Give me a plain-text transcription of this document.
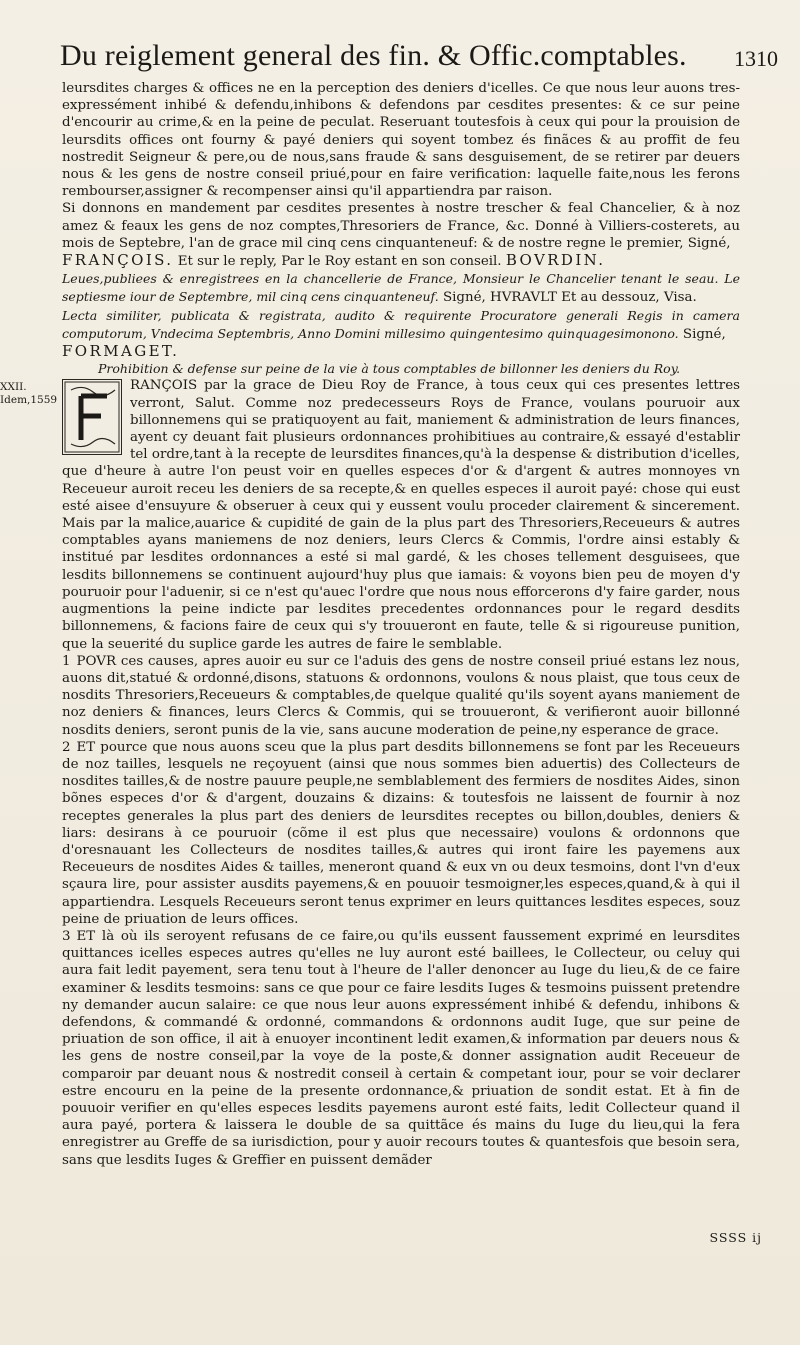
Du reiglement general des fin. & Offic.comptables. 1310

leursdites charges & offices ne en la perception des deniers d'icelles. Ce que nous leur auons tres-expressément inhibé & defendu,inhibons & defendons par cesdites presentes: & ce sur peine d'encourir au crime,& en la peine de peculat. Reseruant toutesfois à ceux qui pour la prouision de leursdits offices ont fourny & payé deniers qui soyent tombez és finãces & au proffit de feu nostredit Seigneur & pere,ou de nous,sans fraude & sans desguisement, de se retirer par deuers nous & les gens de nostre conseil priué,pour en faire verification: laquelle faite,nous les ferons rembourser,assigner & recompenser ainsi qu'il appartiendra par raison.

Si donnons en mandement par cesdites presentes à nostre trescher & feal Chancelier, & à noz amez & feaux les gens de noz comptes,Thresoriers de France, &c. Donné à Villiers-costerets, au mois de Septebre, l'an de grace mil cinq cens cinquanteneuf: & de nostre regne le premier, Signé,

FRANÇOIS. Et sur le reply, Par le Roy estant en son conseil. BOVRDIN.

Leues,publiees & enregistrees en la chancellerie de France, Monsieur le Chancelier tenant le seau. Le septiesme iour de Septembre, mil cinq cens cinquanteneuf. Signé, HVRAVLT Et au dessouz, Visa.

Lecta similiter, publicata & registrata, audito & requirente Procuratore generali Regis in camera computorum, Vndecima Septembris, Anno Domini millesimo quingentesimo quinquagesimonono. Signé,

FORMAGET.

Prohibition & defense sur peine de la vie à tous comptables de billonner les deniers du Roy.

XXII.
Idem,1559

RANÇOIS par la grace de Dieu Roy de France, à tous ceux qui ces presentes lettres verront, Salut. Comme noz predecesseurs Roys de France, voulans pouruoir aux billonnemens qui se pratiquoyent au fait, maniement & administration de leurs finances, ayent cy deuant fait plusieurs ordonnances prohibitiues au contraire,& essayé d'establir tel ordre,tant à la recepte de leursdites finances,qu'à la despense & distribution d'icelles, que d'heure à autre l'on peust voir en quelles especes d'or & d'argent & autres monnoyes vn Receueur auroit receu les deniers de sa recepte,& en quelles especes il auroit payé: chose qui eust esté aisee d'ensuyure & obseruer à ceux qui y eussent voulu proceder clairement & sincerement. Mais par la malice,auarice & cupidité de gain de la plus part des Thresoriers,Receueurs & autres comptables ayans maniemens de noz deniers, leurs Clercs & Commis, l'ordre ainsi estably & institué par lesdites ordonnances a esté si mal gardé, & les choses tellement desguisees, que lesdits billonnemens se continuent aujourd'huy plus que iamais: & voyons bien peu de moyen d'y pouruoir pour l'aduenir, si ce n'est qu'auec l'ordre que nous nous efforcerons d'y faire garder, nous augmentions la peine indicte par lesdites precedentes ordonnances pour le regard desdits billonnemens, & facions faire de ceux qui s'y trouueront en faute, telle & si rigoureuse punition, que la seuerité du suplice garde les autres de faire le semblable.

1 POVR ces causes, apres auoir eu sur ce l'aduis des gens de nostre conseil priué estans lez nous, auons dit,statué & ordonné,disons, statuons & ordonnons, voulons & nous plaist, que tous ceux de nosdits Thresoriers,Receueurs & comptables,de quelque qualité qu'ils soyent ayans maniement de noz deniers & finances, leurs Clercs & Commis, qui se trouueront, & verifieront auoir billonné nosdits deniers, seront punis de la vie, sans aucune moderation de peine,ny esperance de grace.

2 ET pource que nous auons sceu que la plus part desdits billonnemens se font par les Receueurs de noz tailles, lesquels ne reçoyuent (ainsi que nous sommes bien aduertis) des Collecteurs de nosdites tailles,& de nostre pauure peuple,ne semblablement des fermiers de nosdites Aides, sinon bõnes especes d'or & d'argent, douzains & dizains: & toutesfois ne laissent de fournir à noz receptes generales la plus part des deniers de leursdites receptes ou billon,doubles, deniers & liars: desirans à ce pouruoir (cõme il est plus que necessaire) voulons & ordonnons que d'oresnauant les Collecteurs de nosdites tailles,& autres qui iront faire les payemens aux Receueurs de nosdites Aides & tailles, meneront quand & eux vn ou deux tesmoins, dont l'vn d'eux sçaura lire, pour assister ausdits payemens,& en pouuoir tesmoigner,les especes,quand,& à qui il appartiendra. Lesquels Receueurs seront tenus exprimer en leurs quittances lesdites especes, souz peine de priuation de leurs offices.

3 ET là où ils seroyent refusans de ce faire,ou qu'ils eussent faussement exprimé en leursdites quittances icelles especes autres qu'elles ne luy auront esté baillees, le Collecteur, ou celuy qui aura fait ledit payement, sera tenu tout à l'heure de l'aller denoncer au Iuge du lieu,& de ce faire examiner & lesdits tesmoins: sans ce que pour ce faire lesdits Iuges & tesmoins puissent pretendre ny demander aucun salaire: ce que nous leur auons expressément inhibé & defendu, inhibons & defendons, & commandé & ordonné, commandons & ordonnons audit Iuge, que sur peine de priuation de son office, il ait à enuoyer incontinent ledit examen,& information par deuers nous & les gens de nostre conseil,par la voye de la poste,& donner assignation audit Receueur de comparoir par deuant nous & nostredit conseil à certain & competant iour, pour se voir declarer estre encouru en la peine de la presente ordonnance,& priuation de sondit estat. Et à fin de pouuoir verifier en qu'elles especes lesdits payemens auront esté faits, ledit Collecteur quand il aura payé, portera & laissera le double de sa quittãce és mains du Iuge du lieu,qui la fera enregistrer au Greffe de sa iurisdiction, pour y auoir recours toutes & quantesfois que besoin sera, sans que lesdits Iuges & Greffier en puissent demãder

SSSS ij
